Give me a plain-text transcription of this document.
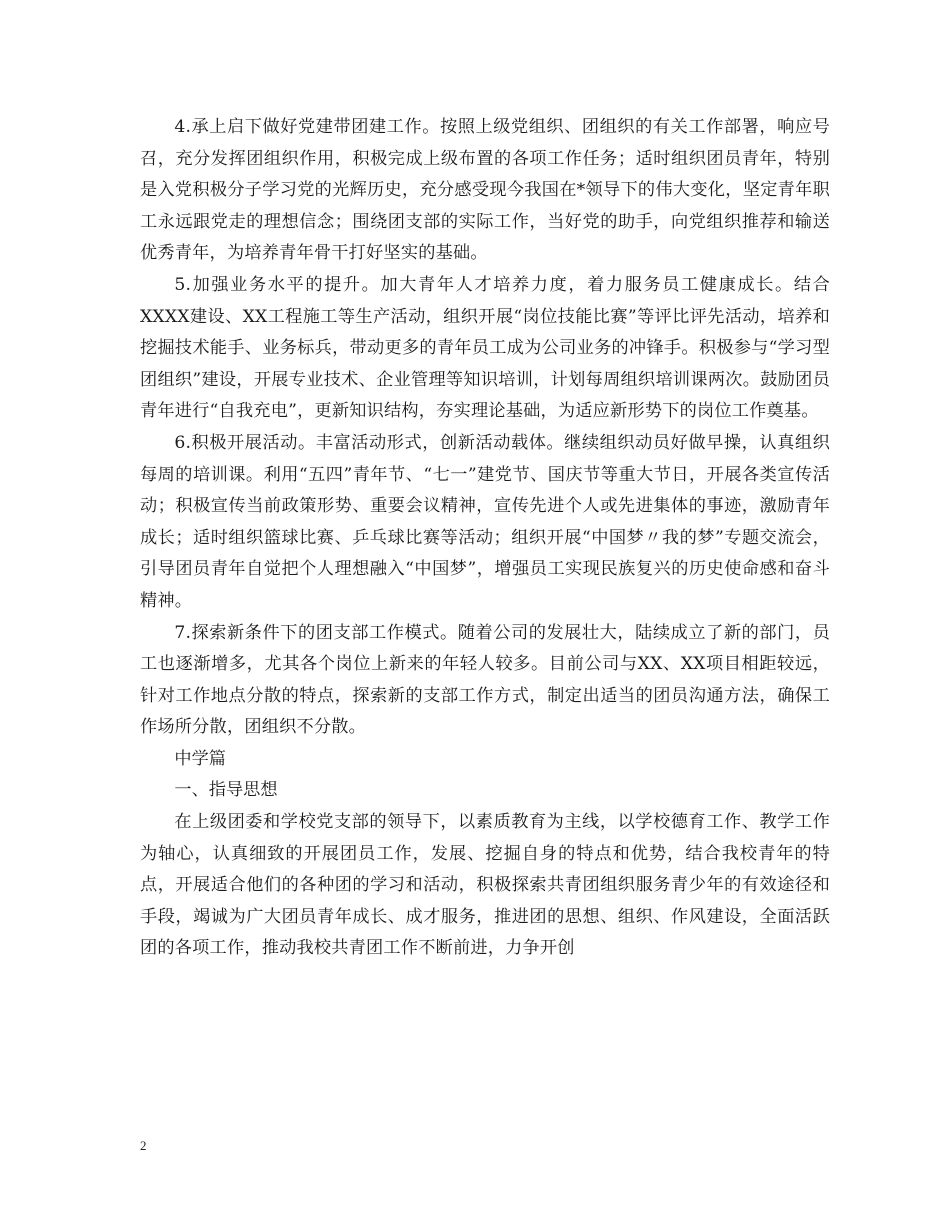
4.承上启下做好党建带团建工作。按照上级党组织、团组织的有关工作部署，响应号召，充分发挥团组织作用，积极完成上级布置的各项工作任务；适时组织团员青年，特别是入党积极分子学习党的光辉历史，充分感受现今我国在*领导下的伟大变化，坚定青年职工永远跟党走的理想信念；围绕团支部的实际工作，当好党的助手，向党组织推荐和输送优秀青年，为培养青年骨干打好坚实的基础。

5.加强业务水平的提升。加大青年人才培养力度，着力服务员工健康成长。结合XXXX建设、XX工程施工等生产活动，组织开展“岗位技能比赛”等评比评先活动，培养和挖掘技术能手、业务标兵，带动更多的青年员工成为公司业务的冲锋手。积极参与“学习型团组织”建设，开展专业技术、企业管理等知识培训，计划每周组织培训课两次。鼓励团员青年进行“自我充电”，更新知识结构，夯实理论基础，为适应新形势下的岗位工作奠基。

6.积极开展活动。丰富活动形式，创新活动载体。继续组织动员好做早操，认真组织每周的培训课。利用“五四”青年节、“七一”建党节、国庆节等重大节日，开展各类宣传活动；积极宣传当前政策形势、重要会议精神，宣传先进个人或先进集体的事迹，激励青年成长；适时组织篮球比赛、乒乓球比赛等活动；组织开展“中国梦〃我的梦”专题交流会，引导团员青年自觉把个人理想融入“中国梦”，增强员工实现民族复兴的历史使命感和奋斗精神。

7.探索新条件下的团支部工作模式。随着公司的发展壮大，陆续成立了新的部门，员工也逐渐增多，尤其各个岗位上新来的年轻人较多。目前公司与XX、XX项目相距较远，针对工作地点分散的特点，探索新的支部工作方式，制定出适当的团员沟通方法，确保工作场所分散，团组织不分散。

中学篇

一、指导思想

在上级团委和学校党支部的领导下，以素质教育为主线，以学校德育工作、教学工作为轴心，认真细致的开展团员工作，发展、挖掘自身的特点和优势，结合我校青年的特点，开展适合他们的各种团的学习和活动，积极探索共青团组织服务青少年的有效途径和手段，竭诚为广大团员青年成长、成才服务，推进团的思想、组织、作风建设，全面活跃团的各项工作，推动我校共青团工作不断前进，力争开创

2
